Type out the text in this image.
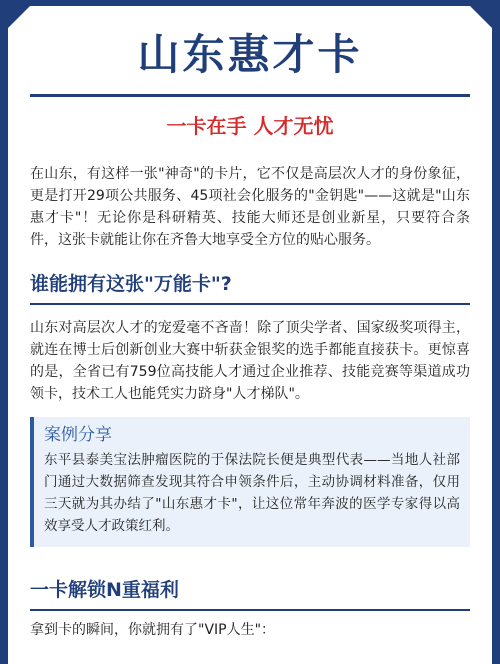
山东惠才卡
一卡在手 人才无忧

在山东，有这样一张"神奇"的卡片，它不仅是高层次人才的身份象征，更是打开29项公共服务、45项社会化服务的"金钥匙"——这就是"山东惠才卡"！无论你是科研精英、技能大师还是创业新星，只要符合条件，这张卡就能让你在齐鲁大地享受全方位的贴心服务。

谁能拥有这张"万能卡"?

山东对高层次人才的宠爱毫不吝啬！除了顶尖学者、国家级奖项得主，就连在博士后创新创业大赛中斩获金银奖的选手都能直接获卡。更惊喜的是，全省已有759位高技能人才通过企业推荐、技能竞赛等渠道成功领卡，技术工人也能凭实力跻身"人才梯队"。

案例分享
东平县泰美宝法肿瘤医院的于保法院长便是典型代表——当地人社部门通过大数据筛查发现其符合申领条件后，主动协调材料准备，仅用三天就为其办结了"山东惠才卡"，让这位常年奔波的医学专家得以高效享受人才政策红利。
一卡解锁N重福利

拿到卡的瞬间，你就拥有了"VIP人生"：
